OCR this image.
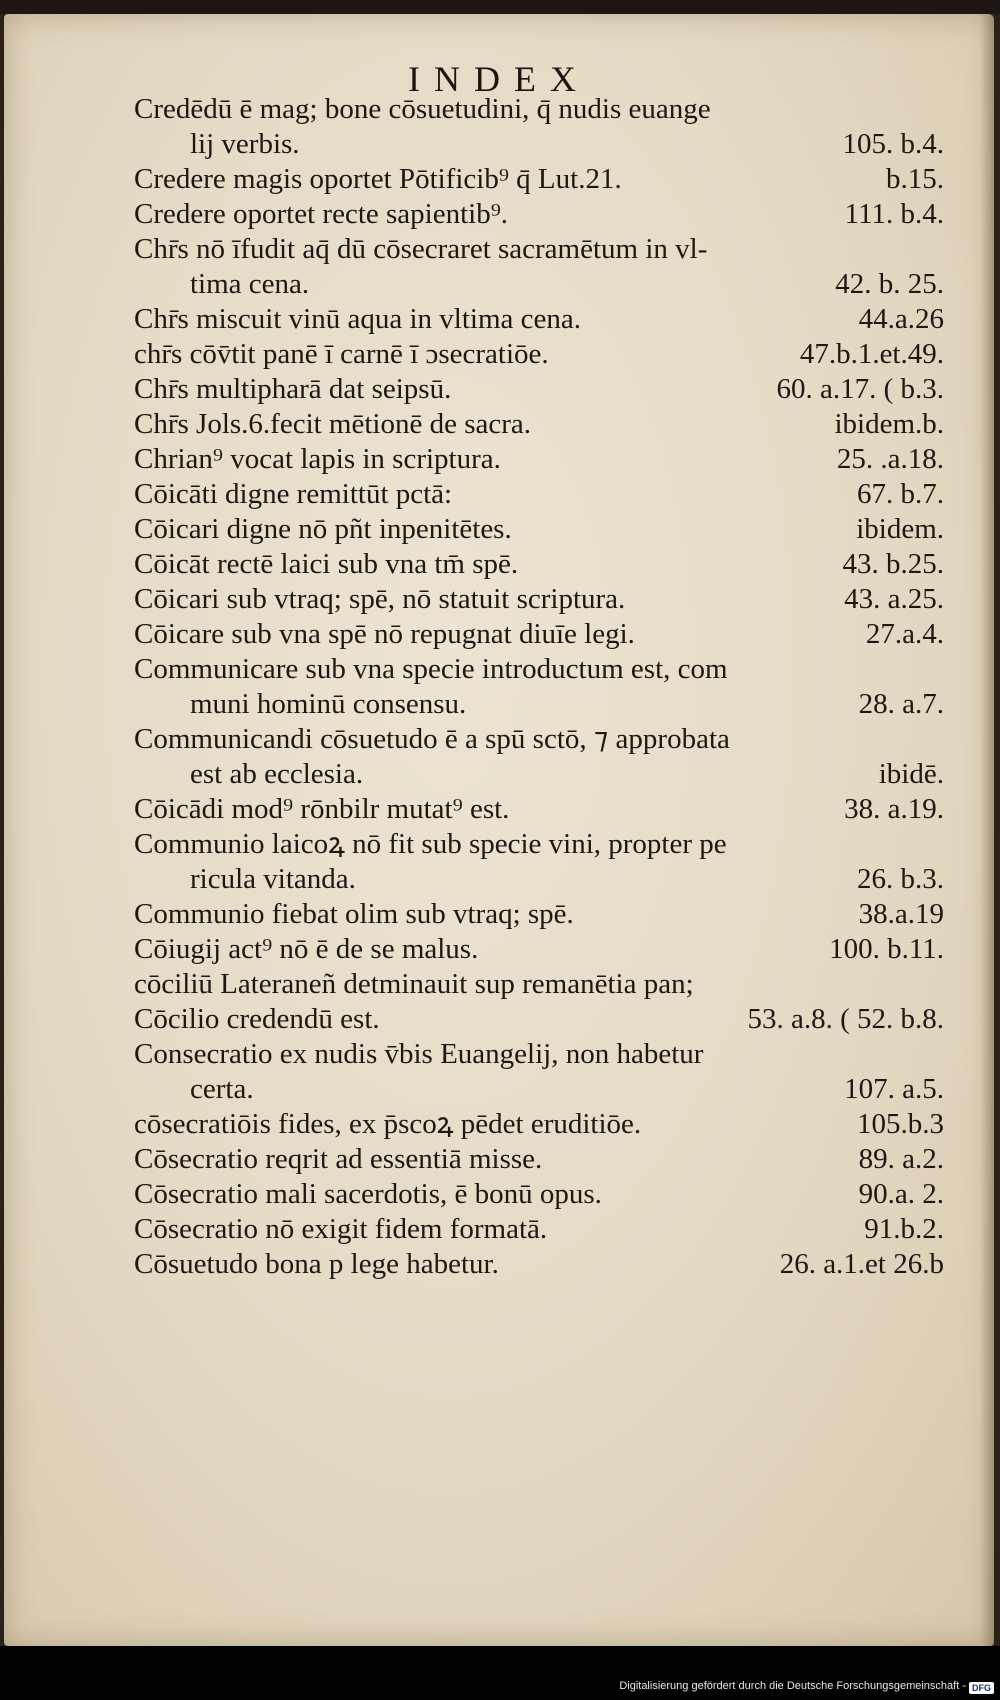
INDEX
Credēdū ē mag; bone cōsuetudini, q̄ nudis euange
lij verbis.	105. b.4.
Credere magis oportet Pōtificib⁹ q̄ Lut.21.	b.15.
Credere oportet recte sapientib⁹.	111. b.4.
Chr̄s nō īfudit aq̄ dū cōsecraret sacramētum in vl-
tima cena.	42. b. 25.
Chr̄s miscuit vinū aqua in vltima cena.	44.a.26
chr̄s cōv̄tit panē ī carnē ī ɔsecratiōe.	47.b.1.et.49.
Chr̄s multipharā dat seipsū.	60. a.17. ( b.3.
Chr̄s Jols.6.fecit mētionē de sacra.	ibidem.b.
Chrian⁹ vocat lapis in scriptura.	25. .a.18.
Cōicāti digne remittūt pctā:	67. b.7.
Cōicari digne nō pñt inpenitētes.	ibidem.
Cōicāt rectē laici sub vna tm̄ spē.	43. b.25.
Cōicari sub vtraq; spē, nō statuit scriptura.	43. a.25.
Cōicare sub vna spē nō repugnat diuīe legi.	27.a.4.
Communicare sub vna specie introductum est, com
muni hominū consensu.	28. a.7.
Communicandi cōsuetudo ē a spū sctō, ⁊ approbata
est ab ecclesia.	ibidē.
Cōicādi mod⁹ rōnbilr mutat⁹ est.	38. a.19.
Communio laicoꝝ nō fit sub specie vini, propter pe
ricula vitanda.	26. b.3.
Communio fiebat olim sub vtraq; spē.	38.a.19
Cōiugij act⁹ nō ē de se malus.	100. b.11.
cōciliū Lateraneñ detminauit sup remanētia pan;
Cōcilio credendū est.	53. a.8. ( 52. b.8.
Consecratio ex nudis v̄bis Euangelij, non habetur
certa.	107. a.5.
cōsecratiōis fides, ex p̄scoꝝ pēdet eruditiōe.	105.b.3
Cōsecratio reqrit ad essentiā misse.	89. a.2.
Cōsecratio mali sacerdotis, ē bonū opus.	90.a. 2.
Cōsecratio nō exigit fidem formatā.	91.b.2.
Cōsuetudo bona p lege habetur.	26. a.1.et 26.b
Digitalisierung gefördert durch die Deutsche Forschungsgemeinschaft - DFG
